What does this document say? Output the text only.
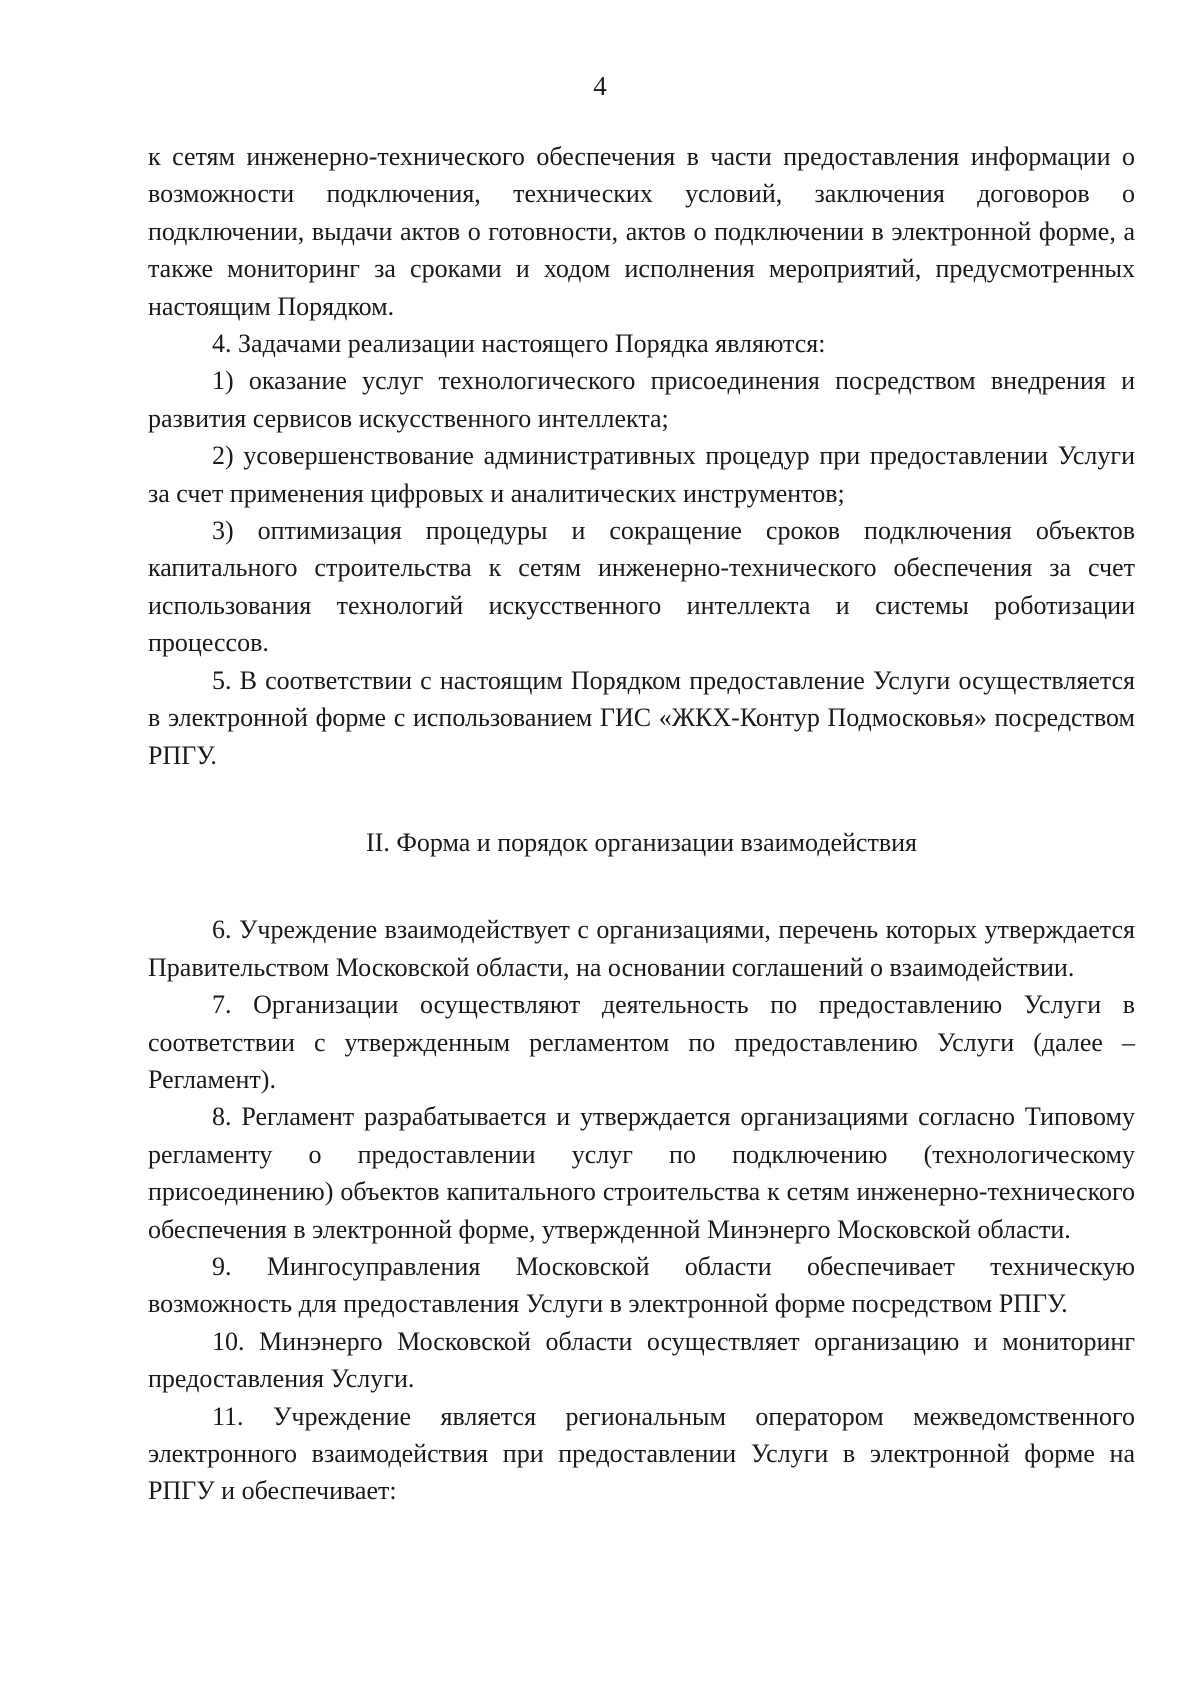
4

к сетям инженерно-технического обеспечения в части предоставления информации о возможности подключения, технических условий, заключения договоров о подключении, выдачи актов о готовности, актов о подключении в электронной форме, а также мониторинг за сроками и ходом исполнения мероприятий, предусмотренных настоящим Порядком.

4. Задачами реализации настоящего Порядка являются:

1) оказание услуг технологического присоединения посредством внедрения и развития сервисов искусственного интеллекта;

2) усовершенствование административных процедур при предоставлении Услуги за счет применения цифровых и аналитических инструментов;

3) оптимизация процедуры и сокращение сроков подключения объектов капитального строительства к сетям инженерно-технического обеспечения за счет использования технологий искусственного интеллекта и системы роботизации процессов.

5. В соответствии с настоящим Порядком предоставление Услуги осуществляется в электронной форме с использованием ГИС «ЖКХ-Контур Подмосковья» посредством РПГУ.

II. Форма и порядок организации взаимодействия

6. Учреждение взаимодействует с организациями, перечень которых утверждается Правительством Московской области, на основании соглашений о взаимодействии.

7. Организации осуществляют деятельность по предоставлению Услуги в соответствии с утвержденным регламентом по предоставлению Услуги (далее – Регламент).

8. Регламент разрабатывается и утверждается организациями согласно Типовому регламенту о предоставлении услуг по подключению (технологическому присоединению) объектов капитального строительства к сетям инженерно-технического обеспечения в электронной форме, утвержденной Минэнерго Московской области.

9. Мингосуправления Московской области обеспечивает техническую возможность для предоставления Услуги в электронной форме посредством РПГУ.

10. Минэнерго Московской области осуществляет организацию и мониторинг предоставления Услуги.

11. Учреждение является региональным оператором межведомственного электронного взаимодействия при предоставлении Услуги в электронной форме на РПГУ и обеспечивает:
